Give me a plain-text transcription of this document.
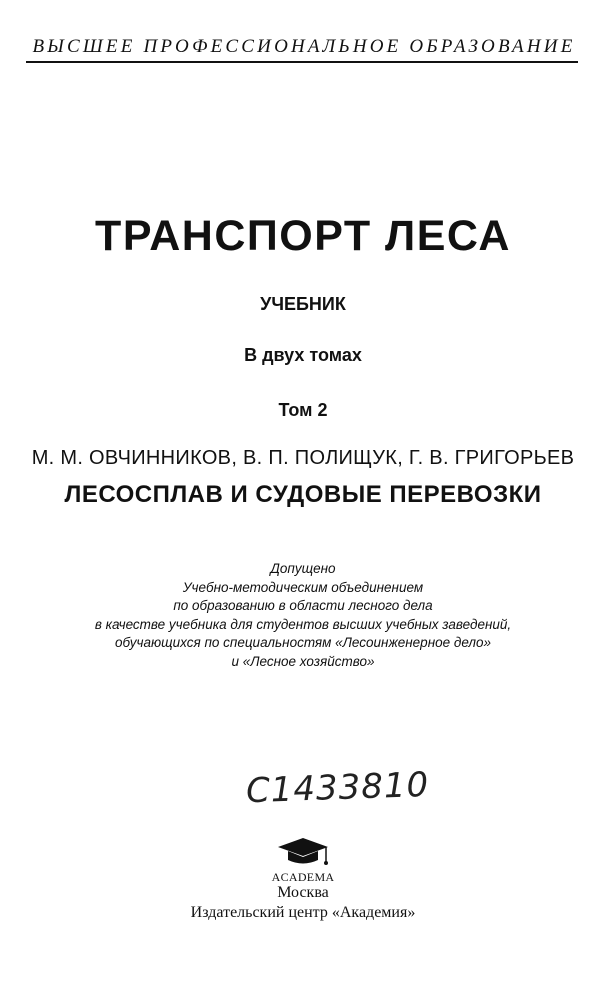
ВЫСШЕЕ ПРОФЕССИОНАЛЬНОЕ ОБРАЗОВАНИЕ
ТРАНСПОРТ ЛЕСА
УЧЕБНИК
В двух томах
Том 2
М. М. ОВЧИННИКОВ, В. П. ПОЛИЩУК, Г. В. ГРИГОРЬЕВ
ЛЕСОСПЛАВ И СУДОВЫЕ ПЕРЕВОЗКИ
Допущено
Учебно-методическим объединением
по образованию в области лесного дела
в качестве учебника для студентов высших учебных заведений,
обучающихся по специальностям «Лесоинженерное дело»
и «Лесное хозяйство»
С1433810
ACADEMA
Москва
Издательский центр «Академия»
